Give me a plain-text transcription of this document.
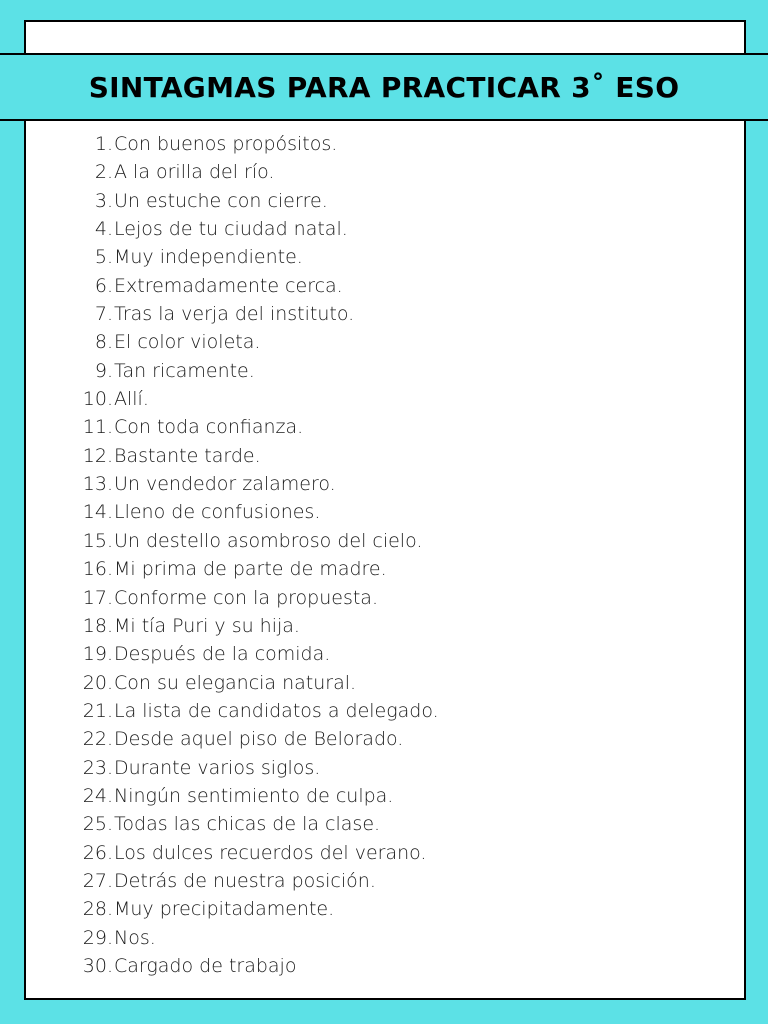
SINTAGMAS PARA PRACTICAR 3˚ ESO
1. Con buenos propósitos.
2. A la orilla del río.
3. Un estuche con cierre.
4. Lejos de tu ciudad natal.
5. Muy independiente.
6. Extremadamente cerca.
7. Tras la verja del instituto.
8. El color violeta.
9. Tan ricamente.
10. Allí.
11. Con toda confianza.
12. Bastante tarde.
13. Un vendedor zalamero.
14. Lleno de confusiones.
15. Un destello asombroso del cielo.
16. Mi prima de parte de madre.
17. Conforme con la propuesta.
18. Mi tía Puri y su hija.
19. Después de la comida.
20. Con su elegancia natural.
21. La lista de candidatos a delegado.
22. Desde aquel piso de Belorado.
23. Durante varios siglos.
24. Ningún sentimiento de culpa.
25. Todas las chicas de la clase.
26. Los dulces recuerdos del verano.
27. Detrás de nuestra posición.
28. Muy precipitadamente.
29. Nos.
30. Cargado de trabajo
